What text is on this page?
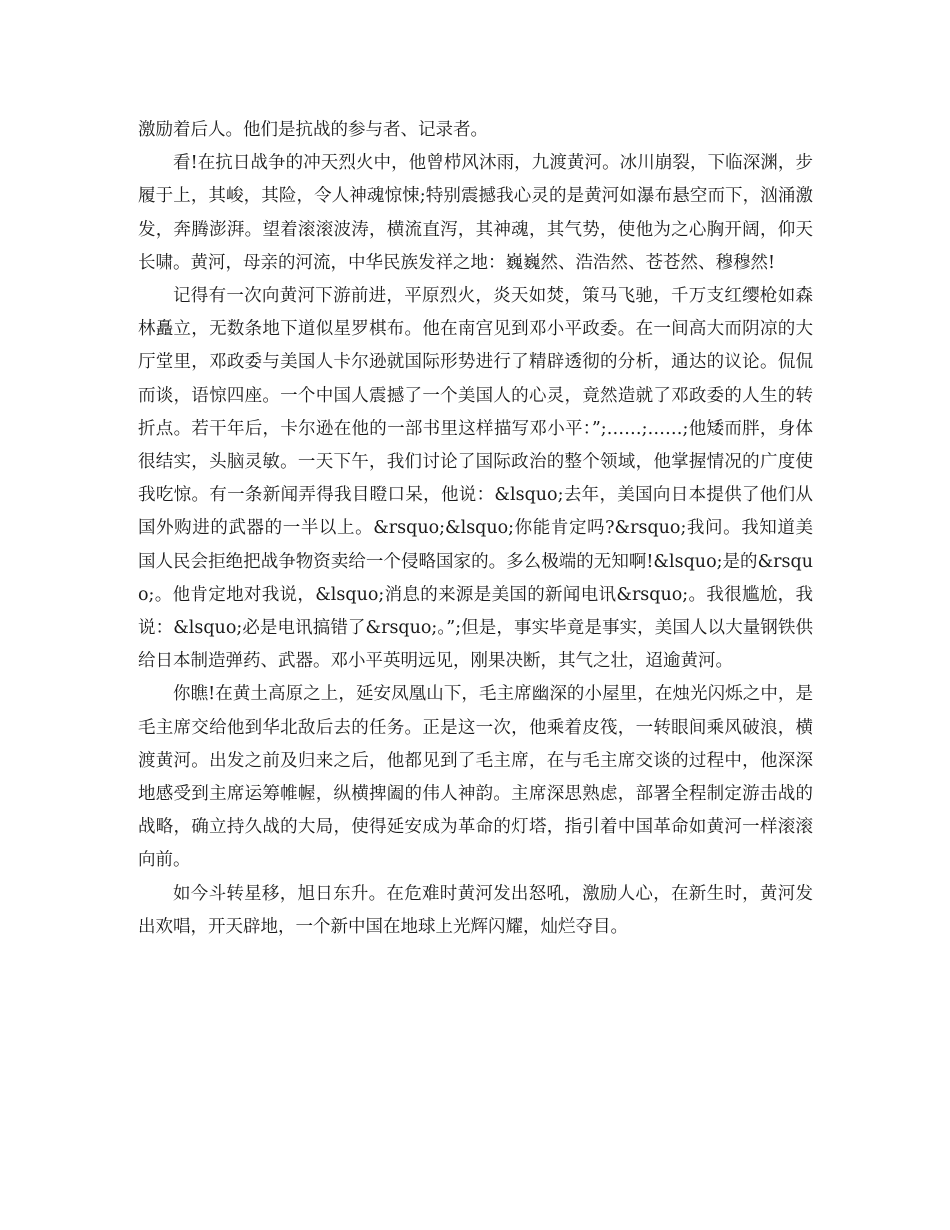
激励着后人。他们是抗战的参与者、记录者。

看!在抗日战争的冲天烈火中，他曾栉风沐雨，九渡黄河。冰川崩裂，下临深渊，步履于上，其峻，其险，令人神魂惊悚;特别震撼我心灵的是黄河如瀑布悬空而下，汹涌激发，奔腾澎湃。望着滚滚波涛，横流直泻，其神魂，其气势，使他为之心胸开阔，仰天长啸。黄河，母亲的河流，中华民族发祥之地：巍巍然、浩浩然、苍苍然、穆穆然!

记得有一次向黄河下游前进，平原烈火，炎天如焚，策马飞驰，千万支红缨枪如森林矗立，无数条地下道似星罗棋布。他在南宫见到邓小平政委。在一间高大而阴凉的大厅堂里，邓政委与美国人卡尔逊就国际形势进行了精辟透彻的分析，通达的议论。侃侃而谈，语惊四座。一个中国人震撼了一个美国人的心灵，竟然造就了邓政委的人生的转折点。若干年后，卡尔逊在他的一部书里这样描写邓小平：”;……;……;他矮而胖，身体很结实，头脑灵敏。一天下午，我们讨论了国际政治的整个领域，他掌握情况的广度使我吃惊。有一条新闻弄得我目瞪口呆，他说：&lsquo;去年，美国向日本提供了他们从国外购进的武器的一半以上。&rsquo;&lsquo;你能肯定吗?&rsquo;我问。我知道美国人民会拒绝把战争物资卖给一个侵略国家的。多么极端的无知啊!&lsquo;是的&rsquo;。他肯定地对我说，&lsquo;消息的来源是美国的新闻电讯&rsquo;。我很尴尬，我说：&lsquo;必是电讯搞错了&rsquo;。”;但是，事实毕竟是事实，美国人以大量钢铁供给日本制造弹药、武器。邓小平英明远见，刚果决断，其气之壮，迢逾黄河。

你瞧!在黄土高原之上，延安凤凰山下，毛主席幽深的小屋里，在烛光闪烁之中，是毛主席交给他到华北敌后去的任务。正是这一次，他乘着皮筏，一转眼间乘风破浪，横渡黄河。出发之前及归来之后，他都见到了毛主席，在与毛主席交谈的过程中，他深深地感受到主席运筹帷幄，纵横捭阖的伟人神韵。主席深思熟虑，部署全程制定游击战的战略，确立持久战的大局，使得延安成为革命的灯塔，指引着中国革命如黄河一样滚滚向前。

如今斗转星移，旭日东升。在危难时黄河发出怒吼，激励人心，在新生时，黄河发出欢唱，开天辟地，一个新中国在地球上光辉闪耀，灿烂夺目。
